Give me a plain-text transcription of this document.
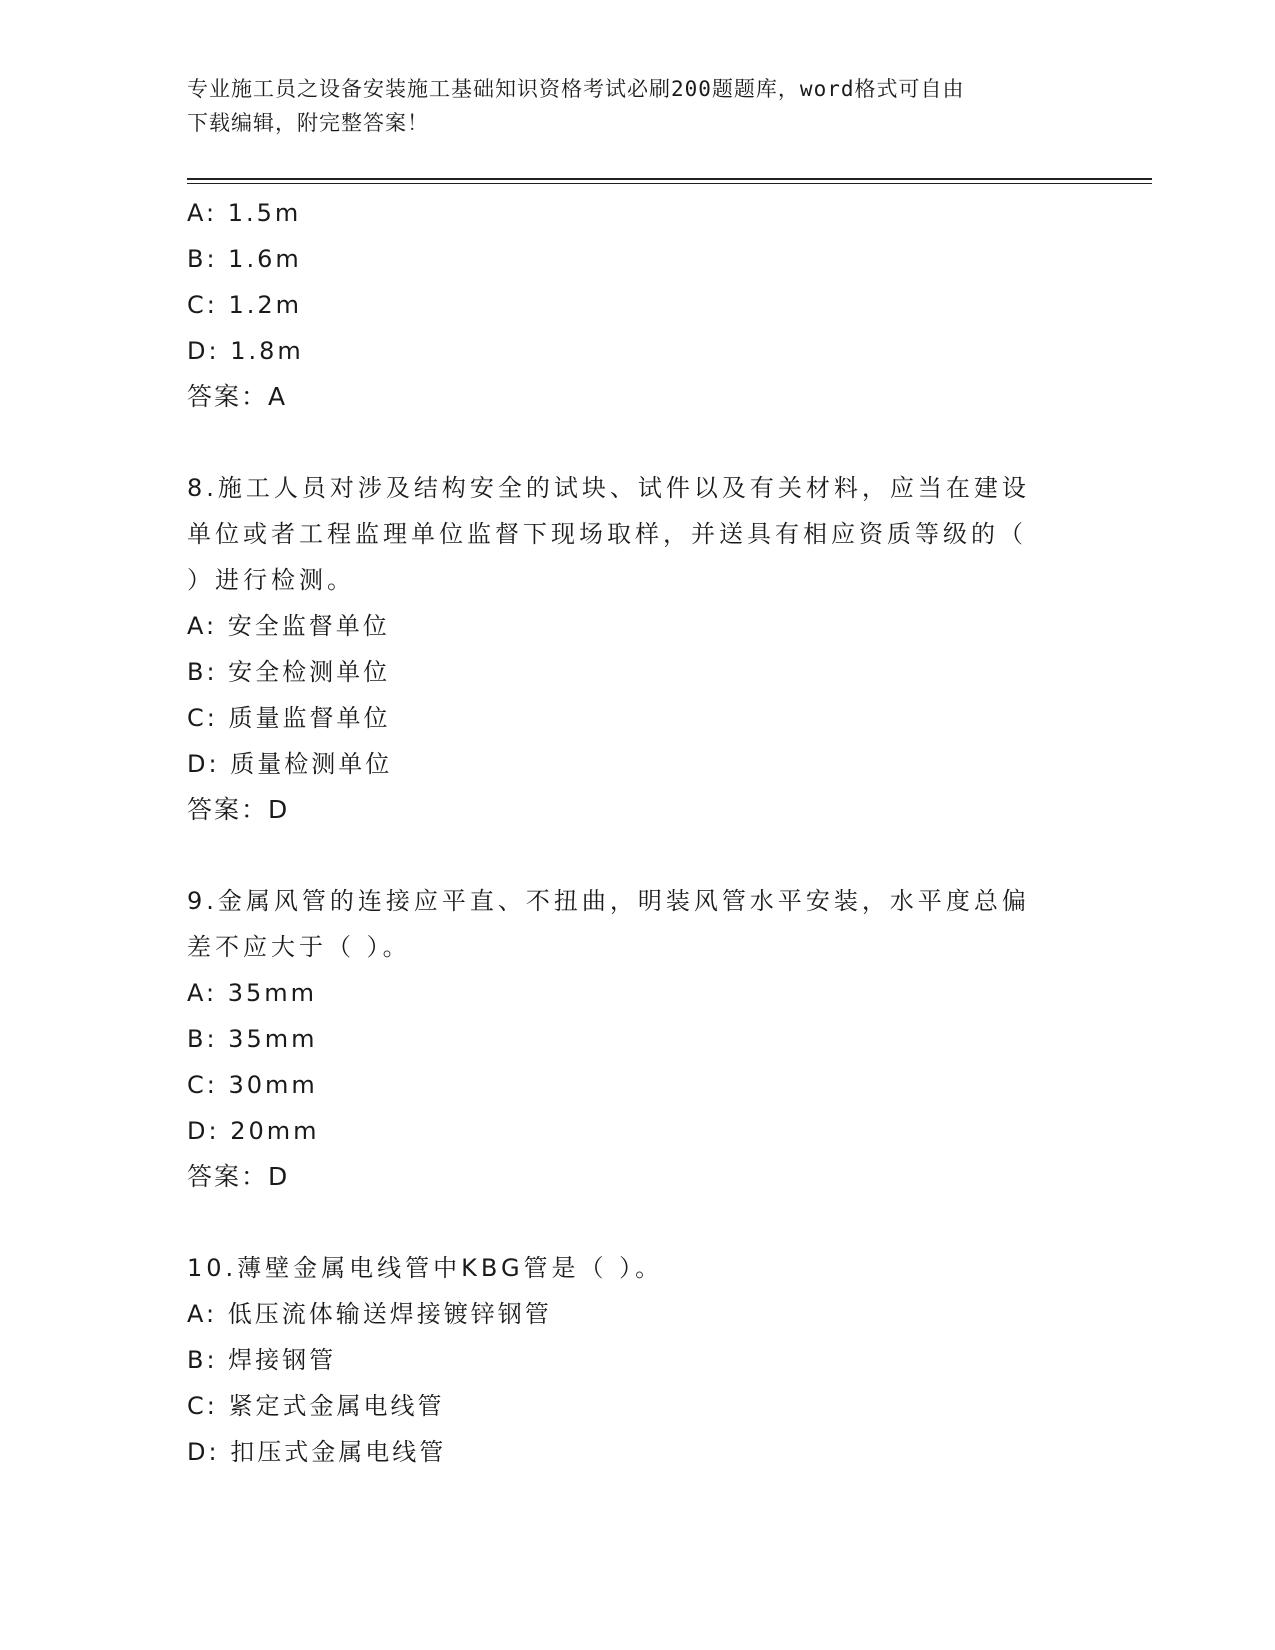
专业施工员之设备安装施工基础知识资格考试必刷200题题库，word格式可自由
下载编辑，附完整答案！
A: 1.5m
B: 1.6m
C: 1.2m
D: 1.8m
答案：A
8.施工人员对涉及结构安全的试块、试件以及有关材料，应当在建设
单位或者工程监理单位监督下现场取样，并送具有相应资质等级的（
）进行检测。
A: 安全监督单位
B: 安全检测单位
C: 质量监督单位
D: 质量检测单位
答案：D
9.金属风管的连接应平直、不扭曲，明装风管水平安装，水平度总偏
差不应大于（ ）。
A: 35mm
B: 35mm
C: 30mm
D: 20mm
答案：D
10.薄壁金属电线管中KBG管是（ ）。
A: 低压流体输送焊接镀锌钢管
B: 焊接钢管
C: 紧定式金属电线管
D: 扣压式金属电线管
